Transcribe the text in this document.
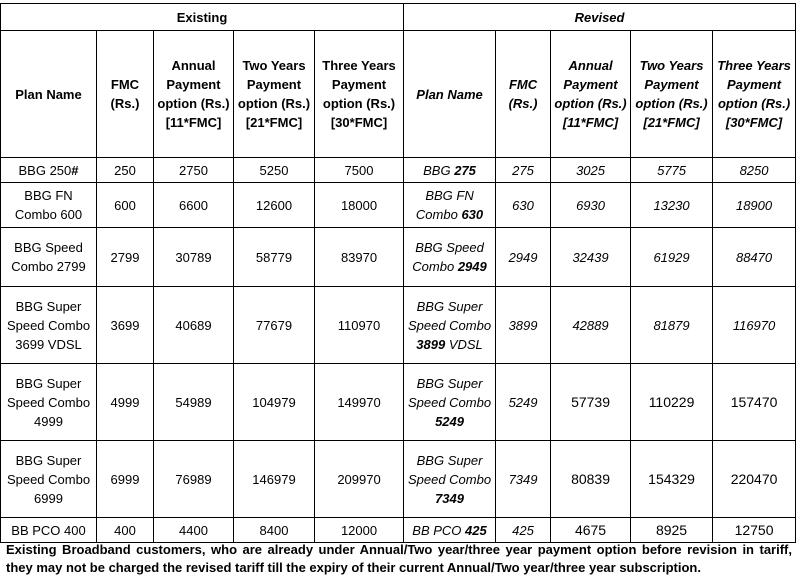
Existing					Revised				
Plan Name	FMC (Rs.)	Annual Payment option (Rs.) [11*FMC]	Two Years Payment option (Rs.) [21*FMC]	Three Years Payment option (Rs.) [30*FMC]	Plan Name	FMC (Rs.)	Annual Payment option (Rs.) [11*FMC]	Two Years Payment option (Rs.) [21*FMC]	Three Years Payment option (Rs.) [30*FMC]
BBG 250#	250	2750	5250	7500	BBG 275	275	3025	5775	8250
BBG FN Combo 600	600	6600	12600	18000	BBG FN Combo 630	630	6930	13230	18900
BBG Speed Combo 2799	2799	30789	58779	83970	BBG Speed Combo 2949	2949	32439	61929	88470
BBG Super Speed Combo 3699 VDSL	3699	40689	77679	110970	BBG Super Speed Combo 3899 VDSL	3899	42889	81879	116970
BBG Super Speed Combo 4999	4999	54989	104979	149970	BBG Super Speed Combo 5249	5249	57739	110229	157470
BBG Super Speed Combo 6999	6999	76989	146979	209970	BBG Super Speed Combo 7349	7349	80839	154329	220470
BB PCO 400	400	4400	8400	12000	BB PCO 425	425	4675	8925	12750
Existing Broadband customers, who are already under Annual/Two year/three year payment option before revision in tariff, they may not be charged the revised tariff till the expiry of their current Annual/Two year/three year subscription.
